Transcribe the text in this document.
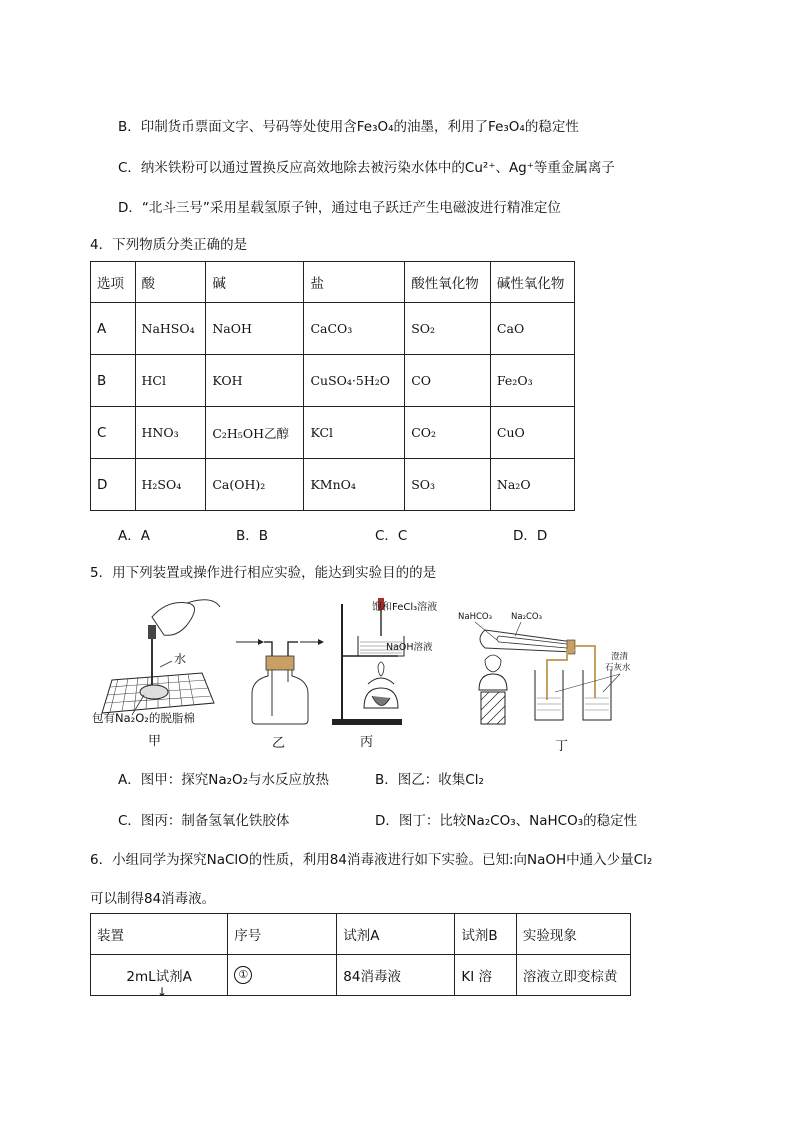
B．印制货币票面文字、号码等处使用含Fe₃O₄的油墨，利用了Fe₃O₄的稳定性
C．纳米铁粉可以通过置换反应高效地除去被污染水体中的Cu²⁺、Ag⁺等重金属离子
D．“北斗三号”采用星载氢原子钟，通过电子跃迁产生电磁波进行精准定位
4．下列物质分类正确的是
选项	酸	碱	盐	酸性氧化物	碱性氧化物
A	NaHSO₄	NaOH	CaCO₃	SO₂	CaO
B	HCl	KOH	CuSO₄·5H₂O	CO	Fe₂O₃
C	HNO₃	C₂H₅OH乙醇	KCl	CO₂	CuO
D	H₂SO₄	Ca(OH)₂	KMnO₄	SO₃	Na₂O
A．A	B．B	C．C	D．D
5．用下列装置或操作进行相应实验，能达到实验目的的是
水
包有Na₂O₂的脱脂棉
甲	乙
饱和FeCl₃溶液
NaOH溶液
丙
NaHCO₃ Na₂CO₃
澄清
石灰水
丁
A．图甲：探究Na₂O₂与水反应放热	B．图乙：收集Cl₂
C．图丙：制备氢氧化铁胶体	D．图丁：比较Na₂CO₃、NaHCO₃的稳定性
6．小组同学为探究NaClO的性质，利用84消毒液进行如下实验。已知:向NaOH中通入少量Cl₂
可以制得84消毒液。
装置	序号	试剂A	试剂B	实验现象
2mL试剂A
↓	①	84消毒液	KI 溶	溶液立即变棕黄
